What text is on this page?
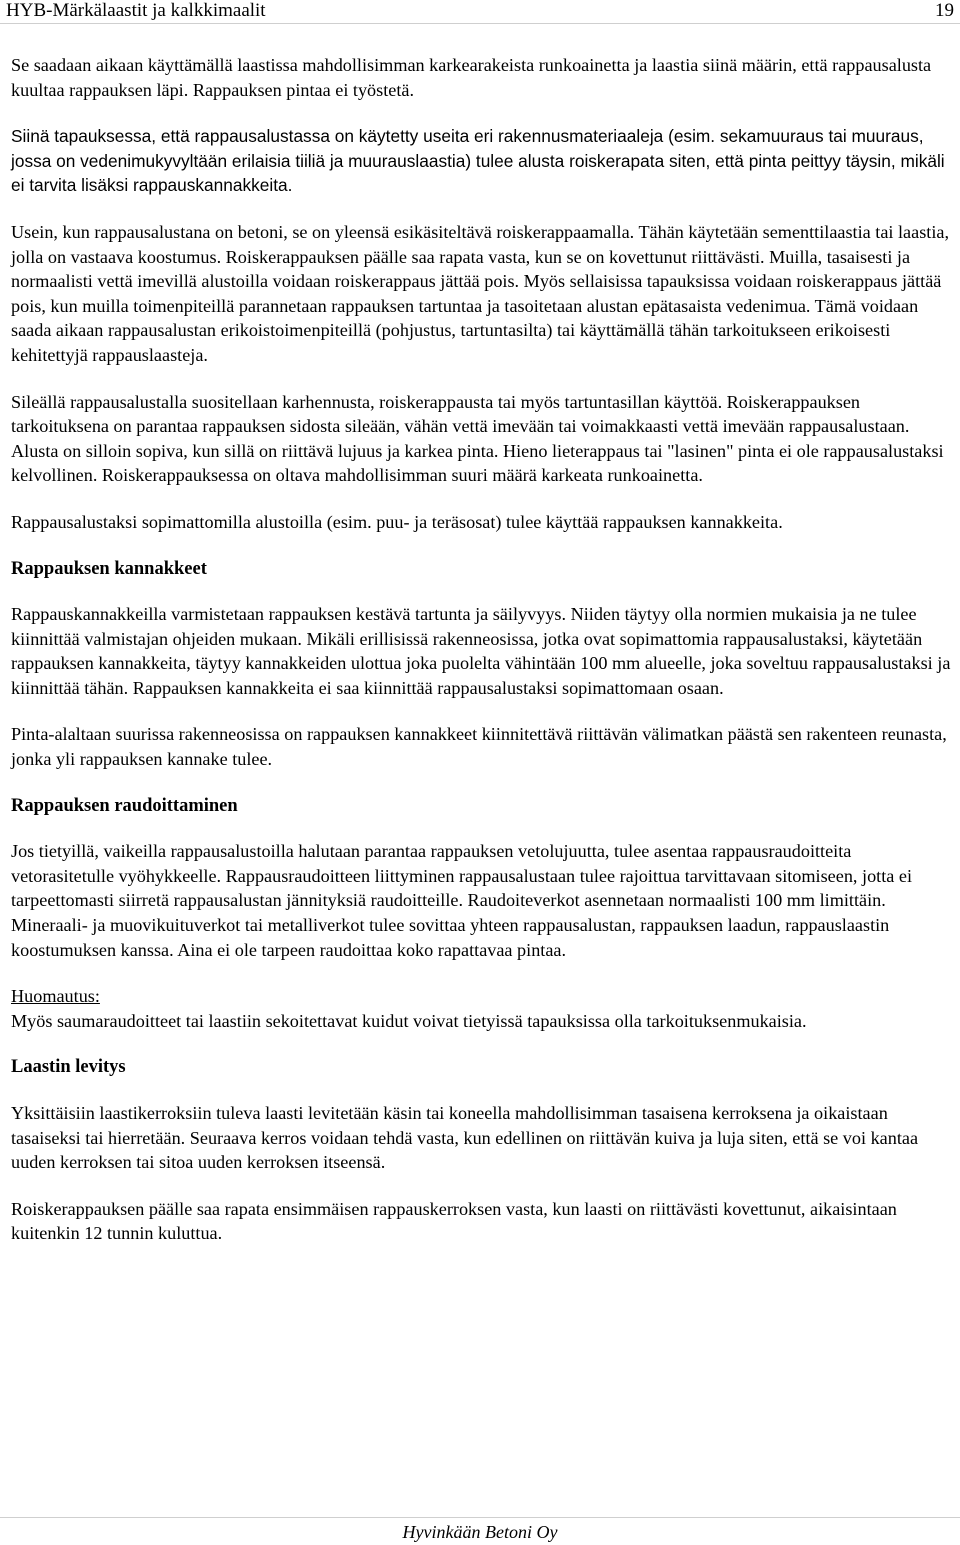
HYB-Märkälaastit ja kalkkimaalit	19

Se saadaan aikaan käyttämällä laastissa mahdollisimman karkearakeista runkoainetta ja laastia siinä määrin, että rappausalusta kuultaa rappauksen läpi. Rappauksen pintaa ei työstetä.

Siinä tapauksessa, että rappausalustassa on käytetty useita eri rakennusmateriaaleja (esim. sekamuuraus tai muuraus, jossa on vedenimukyvyltään erilaisia tiiliä ja muurauslaastia) tulee alusta roiskerapata siten, että pinta peittyy täysin, mikäli ei tarvita lisäksi rappauskannakkeita.

Usein, kun rappausalustana on betoni, se on yleensä esikäsiteltävä roiskerappaamalla. Tähän käytetään sementtilaastia tai laastia, jolla on vastaava koostumus. Roiskerappauksen päälle saa rapata vasta, kun se on kovettunut riittävästi. Muilla, tasaisesti ja normaalisti vettä imevillä alustoilla voidaan roiskerappaus jättää pois. Myös sellaisissa tapauksissa voidaan roiskerappaus jättää pois, kun muilla toimenpiteillä parannetaan rappauksen tartuntaa ja tasoitetaan alustan epätasaista vedenimua. Tämä voidaan saada aikaan rappausalustan erikoistoimenpiteillä (pohjustus, tartuntasilta) tai käyttämällä tähän tarkoitukseen erikoisesti kehitettyjä rappauslaasteja.

Sileällä rappausalustalla suositellaan karhennusta, roiskerappausta tai myös tartuntasillan käyttöä. Roiskerappauksen tarkoituksena on parantaa rappauksen sidosta sileään, vähän vettä imevään tai voimakkaasti vettä imevään rappausalustaan. Alusta on silloin sopiva, kun sillä on riittävä lujuus ja karkea pinta. Hieno lieterappaus tai "lasinen" pinta ei ole rappausalustaksi kelvollinen. Roiskerappauksessa on oltava mahdollisimman suuri määrä karkeata runkoainetta.

Rappausalustaksi sopimattomilla alustoilla (esim. puu- ja teräsosat) tulee käyttää rappauksen kannakkeita.

Rappauksen kannakkeet

Rappauskannakkeilla varmistetaan rappauksen kestävä tartunta ja säilyvyys. Niiden täytyy olla normien mukaisia ja ne tulee kiinnittää valmistajan ohjeiden mukaan. Mikäli erillisissä rakenneosissa, jotka ovat sopimattomia rappausalustaksi, käytetään rappauksen kannakkeita, täytyy kannakkeiden ulottua joka puolelta vähintään 100 mm alueelle, joka soveltuu rappausalustaksi ja kiinnittää tähän. Rappauksen kannakkeita ei saa kiinnittää rappausalustaksi sopimattomaan osaan.

Pinta-alaltaan suurissa rakenneosissa on rappauksen kannakkeet kiinnitettävä riittävän välimatkan päästä sen rakenteen reunasta, jonka yli rappauksen kannake tulee.

Rappauksen raudoittaminen

Jos tietyillä, vaikeilla rappausalustoilla halutaan parantaa rappauksen vetolujuutta, tulee asentaa rappausraudoitteita vetorasitetulle vyöhykkeelle. Rappausraudoitteen liittyminen rappausalustaan tulee rajoittua tarvittavaan sitomiseen, jotta ei tarpeettomasti siirretä rappausalustan jännityksiä raudoitteille. Raudoiteverkot asennetaan normaalisti 100 mm limittäin. Mineraali- ja muovikuituverkot tai metalliverkot tulee sovittaa yhteen rappausalustan, rappauksen laadun, rappauslaastin koostumuksen kanssa. Aina ei ole tarpeen raudoittaa koko rapattavaa pintaa.

Huomautus:
Myös saumaraudoitteet tai laastiin sekoitettavat kuidut voivat tietyissä tapauksissa olla tarkoituksenmukaisia.

Laastin levitys

Yksittäisiin laastikerroksiin tuleva laasti levitetään käsin tai koneella mahdollisimman tasaisena kerroksena ja oikaistaan tasaiseksi tai hierretään. Seuraava kerros voidaan tehdä vasta, kun edellinen on riittävän kuiva ja luja siten, että se voi kantaa uuden kerroksen tai sitoa uuden kerroksen itseensä.

Roiskerappauksen päälle saa rapata ensimmäisen rappauskerroksen vasta, kun laasti on riittävästi kovettunut, aikaisintaan kuitenkin 12 tunnin kuluttua.

Hyvinkään Betoni Oy
